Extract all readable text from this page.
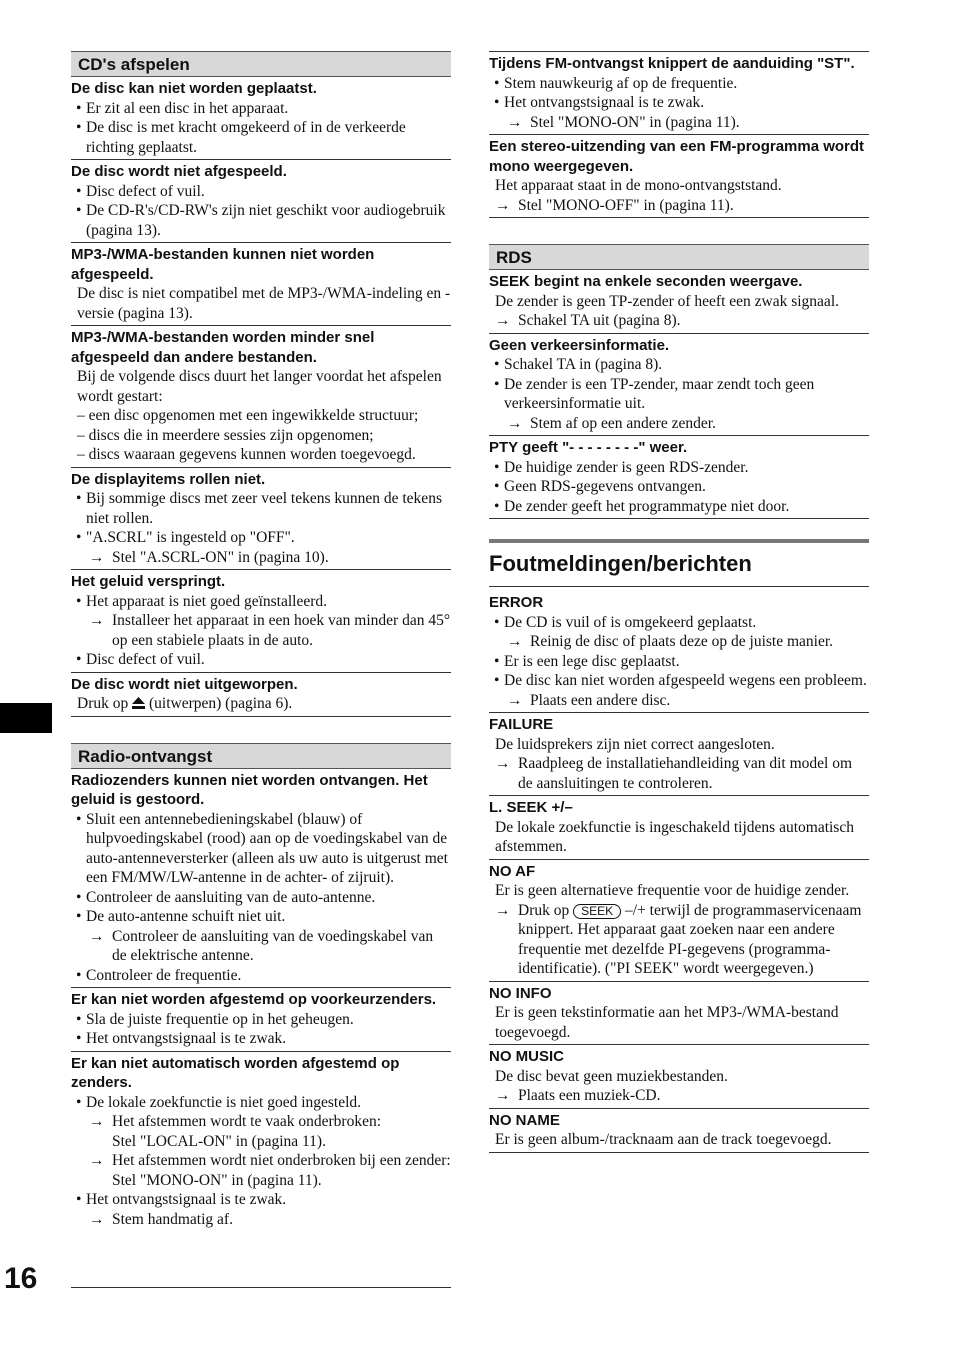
16
CD's afspelen
De disc kan niet worden geplaatst.
• Er zit al een disc in het apparaat.
• De disc is met kracht omgekeerd of in de verkeerde richting geplaatst.
De disc wordt niet afgespeeld.
• Disc defect of vuil.
• De CD-R's/CD-RW's zijn niet geschikt voor audiogebruik (pagina 13).
MP3-/WMA-bestanden kunnen niet worden afgespeeld.
De disc is niet compatibel met de MP3-/WMA-indeling en -versie (pagina 13).
MP3-/WMA-bestanden worden minder snel afgespeeld dan andere bestanden.
Bij de volgende discs duurt het langer voordat het afspelen wordt gestart:
– een disc opgenomen met een ingewikkelde structuur;
– discs die in meerdere sessies zijn opgenomen;
– discs waaraan gegevens kunnen worden toegevoegd.
De displayitems rollen niet.
• Bij sommige discs met zeer veel tekens kunnen de tekens niet rollen.
• "A.SCRL" is ingesteld op "OFF".
→ Stel "A.SCRL-ON" in (pagina 10).
Het geluid verspringt.
• Het apparaat is niet goed geïnstalleerd.
→ Installeer het apparaat in een hoek van minder dan 45° op een stabiele plaats in de auto.
• Disc defect of vuil.
De disc wordt niet uitgeworpen.
Druk op (uitwerpen) (pagina 6).
Radio-ontvangst
Radiozenders kunnen niet worden ontvangen. Het geluid is gestoord.
• Sluit een antennebedieningskabel (blauw) of hulpvoedingskabel (rood) aan op de voedingskabel van de auto-antenneversterker (alleen als uw auto is uitgerust met een FM/MW/LW-antenne in de achter- of zijruit).
• Controleer de aansluiting van de auto-antenne.
• De auto-antenne schuift niet uit.
→ Controleer de aansluiting van de voedingskabel van de elektrische antenne.
• Controleer de frequentie.
Er kan niet worden afgestemd op voorkeurzenders.
• Sla de juiste frequentie op in het geheugen.
• Het ontvangstsignaal is te zwak.
Er kan niet automatisch worden afgestemd op zenders.
• De lokale zoekfunctie is niet goed ingesteld.
→ Het afstemmen wordt te vaak onderbroken:
Stel "LOCAL-ON" in (pagina 11).
→ Het afstemmen wordt niet onderbroken bij een zender:
Stel "MONO-ON" in (pagina 11).
• Het ontvangstsignaal is te zwak.
→ Stem handmatig af.
Tijdens FM-ontvangst knippert de aanduiding "ST".
• Stem nauwkeurig af op de frequentie.
• Het ontvangstsignaal is te zwak.
→ Stel "MONO-ON" in (pagina 11).
Een stereo-uitzending van een FM-programma wordt mono weergegeven.
Het apparaat staat in de mono-ontvangststand.
→ Stel "MONO-OFF" in (pagina 11).
RDS
SEEK begint na enkele seconden weergave.
De zender is geen TP-zender of heeft een zwak signaal.
→ Schakel TA uit (pagina 8).
Geen verkeersinformatie.
• Schakel TA in (pagina 8).
• De zender is een TP-zender, maar zendt toch geen verkeersinformatie uit.
→ Stem af op een andere zender.
PTY geeft "- - - - - - - -" weer.
• De huidige zender is geen RDS-zender.
• Geen RDS-gegevens ontvangen.
• De zender geeft het programmatype niet door.
Foutmeldingen/berichten
ERROR
• De CD is vuil of is omgekeerd geplaatst.
→ Reinig de disc of plaats deze op de juiste manier.
• Er is een lege disc geplaatst.
• De disc kan niet worden afgespeeld wegens een probleem.
→ Plaats een andere disc.
FAILURE
De luidsprekers zijn niet correct aangesloten.
→ Raadpleeg de installatiehandleiding van dit model om de aansluitingen te controleren.
L. SEEK +/–
De lokale zoekfunctie is ingeschakeld tijdens automatisch afstemmen.
NO AF
Er is geen alternatieve frequentie voor de huidige zender.
→ Druk op SEEK –/+ terwijl de programmaservicenaam knippert. Het apparaat gaat zoeken naar een andere frequentie met dezelfde PI-gegevens (programma-identificatie). ("PI SEEK" wordt weergegeven.)
NO INFO
Er is geen tekstinformatie aan het MP3-/WMA-bestand toegevoegd.
NO MUSIC
De disc bevat geen muziekbestanden.
→ Plaats een muziek-CD.
NO NAME
Er is geen album-/tracknaam aan de track toegevoegd.
